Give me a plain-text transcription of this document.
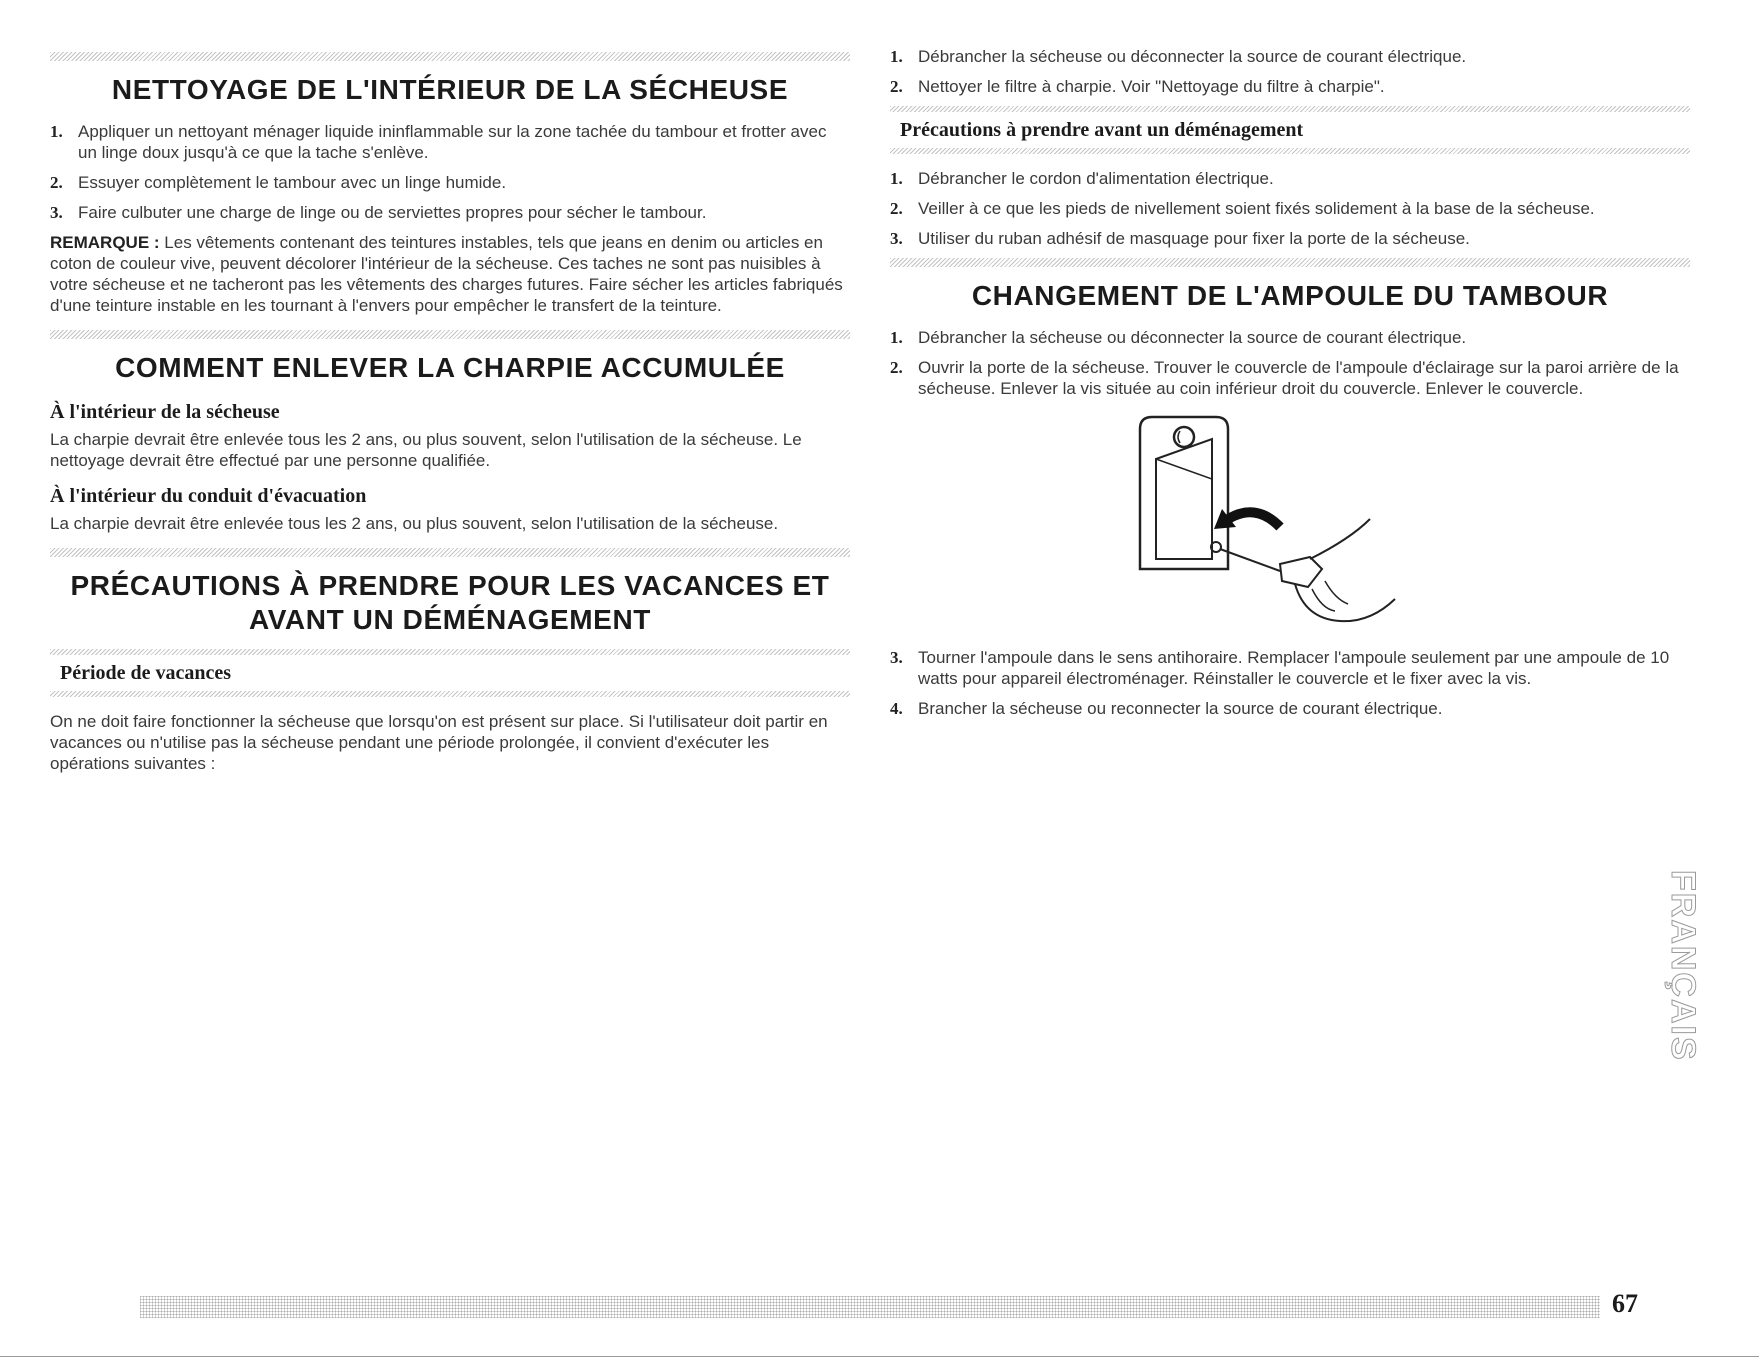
NETTOYAGE DE L'INTÉRIEUR DE LA SÉCHEUSE
1. Appliquer un nettoyant ménager liquide ininflammable sur la zone tachée du tambour et frotter avec un linge doux jusqu'à ce que la tache s'enlève.
2. Essuyer complètement le tambour avec un linge humide.
3. Faire culbuter une charge de linge ou de serviettes propres pour sécher le tambour.

REMARQUE : Les vêtements contenant des teintures instables, tels que jeans en denim ou articles en coton de couleur vive, peuvent décolorer l'intérieur de la sécheuse. Ces taches ne sont pas nuisibles à votre sécheuse et ne tacheront pas les vêtements des charges futures. Faire sécher les articles fabriqués d'une teinture instable en les tournant à l'envers pour empêcher le transfert de la teinture.

COMMENT ENLEVER LA CHARPIE ACCUMULÉE
À l'intérieur de la sécheuse

La charpie devrait être enlevée tous les 2 ans, ou plus souvent, selon l'utilisation de la sécheuse. Le nettoyage devrait être effectué par une personne qualifiée.

À l'intérieur du conduit d'évacuation

La charpie devrait être enlevée tous les 2 ans, ou plus souvent, selon l'utilisation de la sécheuse.

PRÉCAUTIONS À PRENDRE POUR LES VACANCES ET
AVANT UN DÉMÉNAGEMENT
Période de vacances

On ne doit faire fonctionner la sécheuse que lorsqu'on est présent sur place. Si l'utilisateur doit partir en vacances ou n'utilise pas la sécheuse pendant une période prolongée, il convient d'exécuter les opérations suivantes :

1. Débrancher la sécheuse ou déconnecter la source de courant électrique.
2. Nettoyer le filtre à charpie. Voir "Nettoyage du filtre à charpie".
Précautions à prendre avant un déménagement
1. Débrancher le cordon d'alimentation électrique.
2. Veiller à ce que les pieds de nivellement soient fixés solidement à la base de la sécheuse.
3. Utiliser du ruban adhésif de masquage pour fixer la porte de la sécheuse.
CHANGEMENT DE L'AMPOULE DU TAMBOUR
1. Débrancher la sécheuse ou déconnecter la source de courant électrique.
2. Ouvrir la porte de la sécheuse. Trouver le couvercle de l'ampoule d'éclairage sur la paroi arrière de la sécheuse. Enlever la vis située au coin inférieur droit du couvercle. Enlever le couvercle.
3. Tourner l'ampoule dans le sens antihoraire. Remplacer l'ampoule seulement par une ampoule de 10 watts pour appareil électroménager. Réinstaller le couvercle et le fixer avec la vis.
4. Brancher la sécheuse ou reconnecter la source de courant électrique.
FRANÇAIS
67
